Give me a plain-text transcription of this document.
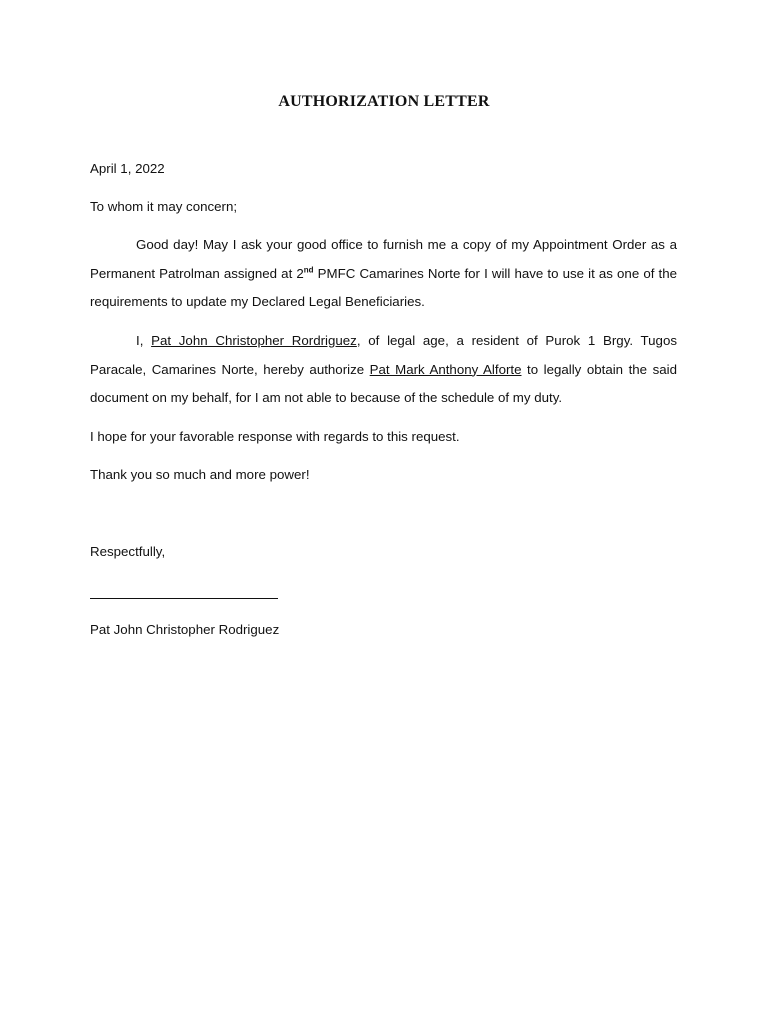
AUTHORIZATION LETTER
April 1, 2022
To whom it may concern;
Good day! May I ask your good office to furnish me a copy of my Appointment Order as a Permanent Patrolman assigned at 2nd PMFC Camarines Norte for I will have to use it as one of the requirements to update my Declared Legal Beneficiaries.
I, Pat John Christopher Rordriguez, of legal age, a resident of Purok 1 Brgy. Tugos Paracale, Camarines Norte, hereby authorize Pat Mark Anthony Alforte to legally obtain the said document on my behalf, for I am not able to because of the schedule of my duty.
I hope for your favorable response with regards to this request.
Thank you so much and more power!
Respectfully,
Pat John Christopher Rodriguez
